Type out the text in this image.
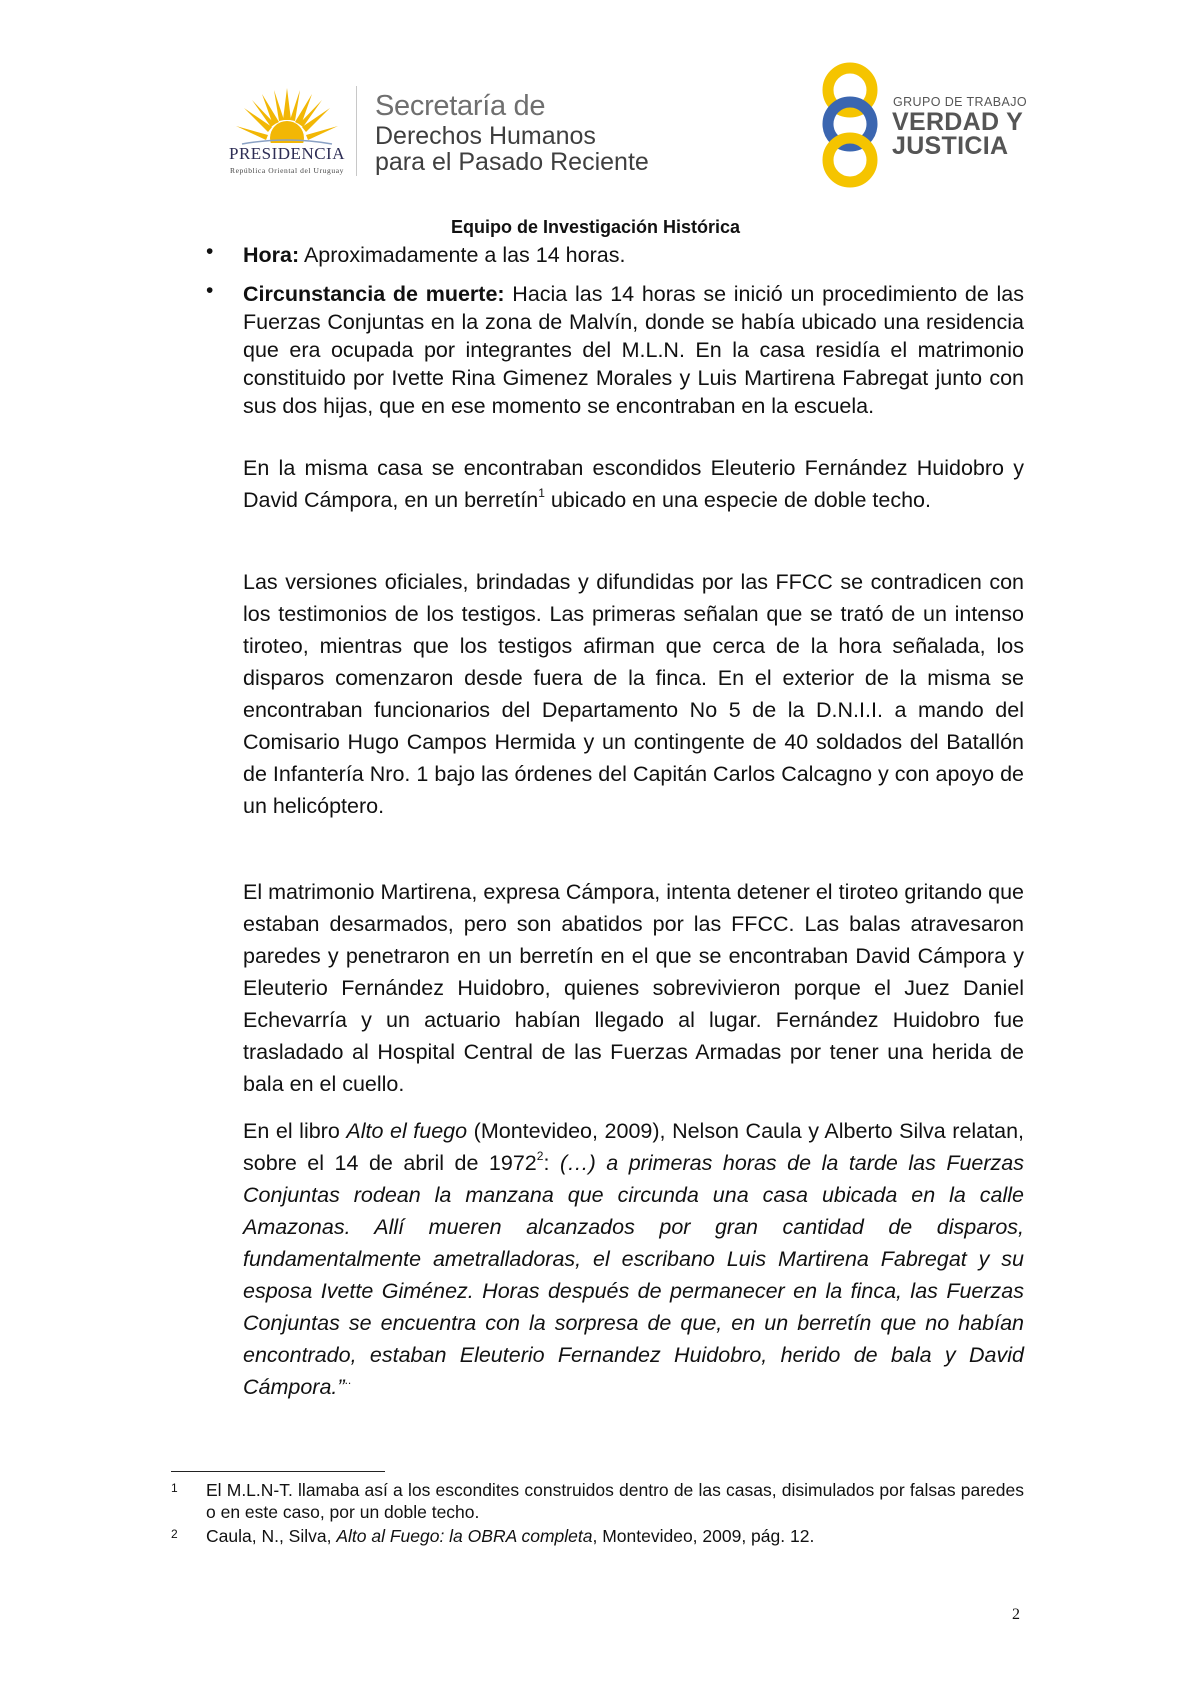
PRESIDENCIA
República Oriental del Uruguay
Secretaría de
Derechos Humanos
para el Pasado Reciente
GRUPO DE TRABAJO
VERDAD Y
JUSTICIA
Equipo de Investigación Histórica
• Hora: Aproximadamente a las 14 horas.

• Circunstancia de muerte: Hacia las 14 horas se inició un procedimiento de las Fuerzas Conjuntas en la zona de Malvín, donde se había ubicado una residencia que era ocupada por integrantes del M.L.N. En la casa residía el matrimonio constituido por Ivette Rina Gimenez Morales y Luis Martirena Fabregat junto con sus dos hijas, que en ese momento se encontraban en la escuela.

En la misma casa se encontraban escondidos Eleuterio Fernández Huidobro y David Cámpora, en un berretín$^1$ ubicado en una especie de doble techo.

Las versiones oficiales, brindadas y difundidas por las FFCC se contradicen con los testimonios de los testigos. Las primeras señalan que se trató de un intenso tiroteo, mientras que los testigos afirman que cerca de la hora señalada, los disparos comenzaron desde fuera de la finca. En el exterior de la misma se encontraban funcionarios del Departamento No 5 de la D.N.I.I. a mando del Comisario Hugo Campos Hermida y un contingente de 40 soldados del Batallón de Infantería Nro. 1 bajo las órdenes del Capitán Carlos Calcagno y con apoyo de un helicóptero.

El matrimonio Martirena, expresa Cámpora, intenta detener el tiroteo gritando que estaban desarmados, pero son abatidos por las FFCC. Las balas atravesaron paredes y penetraron en un berretín en el que se encontraban David Cámpora y Eleuterio Fernández Huidobro, quienes sobrevivieron porque el Juez Daniel Echevarría y un actuario habían llegado al lugar. Fernández Huidobro fue trasladado al Hospital Central de las Fuerzas Armadas por tener una herida de bala en el cuello.

En el libro Alto el fuego (Montevideo, 2009), Nelson Caula y Alberto Silva relatan, sobre el 14 de abril de 1972$^2$: (…) a primeras horas de la tarde las Fuerzas Conjuntas rodean la manzana que circunda una casa ubicada en la calle Amazonas. Allí mueren alcanzados por gran cantidad de disparos, fundamentalmente ametralladoras, el escribano Luis Martirena Fabregat y su esposa Ivette Giménez. Horas después de permanecer en la finca, las Fuerzas Conjuntas se encuentra con la sorpresa de que, en un berretín que no habían encontrado, estaban Eleuterio Fernandez Huidobro, herido de bala y David Cámpora.”..

1 El M.L.N-T. llamaba así a los escondites construidos dentro de las casas, disimulados por falsas paredes o en este caso, por un doble techo.
2 Caula, N., Silva, Alto al Fuego: la OBRA completa, Montevideo, 2009, pág. 12.
2
